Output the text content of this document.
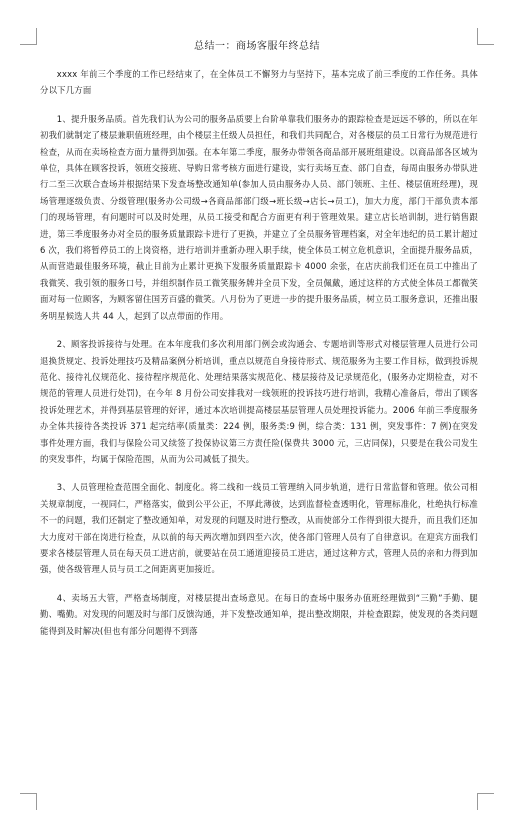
总结一：商场客服年终总结

xxxx 年前三个季度的工作已经结束了，在全体员工不懈努力与坚持下，基本完成了前三季度的工作任务。具体分以下几方面

1、提升服务品质。首先我们认为公司的服务品质要上台阶单靠我们服务办的跟踪检查是远远不够的，所以在年初我们就制定了楼层兼职值班经理，由个楼层主任级人员担任，和我们共同配合，对各楼层的员工日常行为规范进行检查，从而在卖场检查方面力量得到加强。在本年第二季度，服务办带领各商品部开展班组建设。以商品部各区域为单位，具体在顾客投诉，领班交接班、导购日常考核方面进行建设，实行卖场互查、部门自查，每周由服务办带队进行二至三次联合查场并根据结果下发查场整改通知单(参加人员由服务办人员、部门领班、主任、楼层值班经理)，现场管理逐级负责、分级管理(服务办公司级→各商品部部门级→班长级→店长→员工)，加大力度，部门干部负责本部门的现场管理，有问题时可以及时处理，从员工接受和配合方面更有利于管理效果。建立店长培训制，进行销售跟进，第三季度服务办对全员的服务质量跟踪卡进行了更换，并建立了全员服务管理档案，对全年违纪的员工累计超过 6 次，我们将暂停员工的上岗资格，进行培训并重新办理入职手续，使全体员工树立危机意识，全面提升服务品质，从而营造最佳服务环境，截止目前为止累计更换下发服务质量跟踪卡 4000 余张，在店庆前我们还在员工中推出了我微笑、我引领的服务口号，并组织制作员工微笑服务牌并全员下发，全员佩戴，通过这样的方式使全体员工都微笑面对每一位顾客，为顾客留住国芳百盛的微笑。八月份为了更进一步的提升服务品质，树立员工服务意识，还推出服务明星候选人共 44 人，起到了以点带面的作用。

2、顾客投诉接待与处理。在本年度我们多次利用部门例会或沟通会、专题培训等形式对楼层管理人员进行公司退换货规定、投诉处理技巧及精品案例分析培训，重点以规范自身接待形式、规范服务为主要工作目标，做到投诉规范化、接待礼仪规范化、接待程序规范化、处理结果落实规范化、楼层接待及记录规范化，(服务办定期检查，对不规范的管理人员进行处罚)，在今年 8 月份公司安排我对一线领班的投诉技巧进行培训，我精心准备后，带出了顾客投诉处理艺术，并得到基层管理的好评，通过本次培训提高楼层基层管理人员处理投诉能力。2006 年前三季度服务办全体共接待各类投诉 371 起完结率(质量类：224 例，服务类:9 例，综合类：131 例，突发事件：7 例)在突发事件处理方面，我们与保险公司又续签了投保协议第三方责任险(保费共 3000 元，三店同保)，只要是在我公司发生的突发事件，均属于保险范围，从而为公司减低了损失。

3、人员管理检查范围全面化、制度化。将二线和一线员工管理纳入同步轨道，进行日常监督和管理。依公司相关规章制度，一视同仁，严格落实，做到公平公正，不厚此薄彼，达到监督检查透明化，管理标准化，杜绝执行标准不一的问题，我们还制定了整改通知单，对发现的问题及时进行整改，从而使部分工作得到很大提升，而且我们还加大力度对干部在岗进行检查，从以前的每天两次增加到四至六次，使各部门管理人员有了自律意识。在迎宾方面我们要求各楼层管理人员在每天员工进店前，就要站在员工通道迎接员工进店，通过这种方式，管理人员的亲和力得到加强，使各级管理人员与员工之间距离更加接近。

4、卖场五大管，严格查场制度，对楼层提出查场意见。在每日的查场中服务办值班经理做到“三勤”手勤、腿勤、嘴勤。对发现的问题及时与部门反馈沟通，并下发整改通知单，提出整改期限，并检查跟踪，使发现的各类问题能得到及时解决(但也有部分问题得不到落
